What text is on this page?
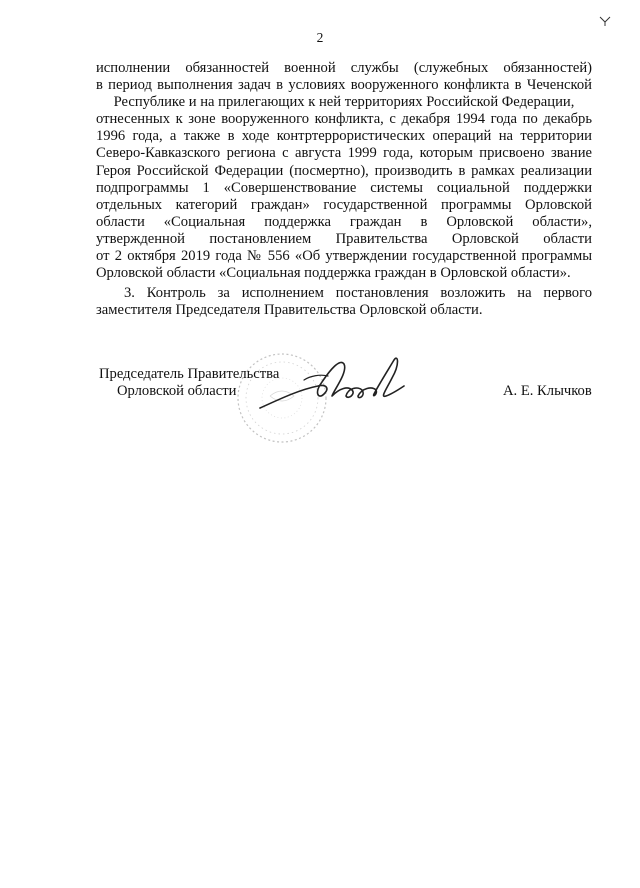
2

исполнении обязанностей военной службы (служебных обязанностей)

в период выполнения задач в условиях вооруженного конфликта в Чеченской

Республике и на прилегающих к ней территориях Российской Федерации,

отнесенных к зоне вооруженного конфликта, с декабря 1994 года по декабрь

1996 года, а также в ходе контртеррористических операций на территории

Северо-Кавказского региона с августа 1999 года, которым присвоено звание

Героя Российской Федерации (посмертно), производить в рамках реализации

подпрограммы 1 «Совершенствование системы социальной поддержки

отдельных категорий граждан» государственной программы Орловской

области «Социальная поддержка граждан в Орловской области»,

утвержденной постановлением Правительства Орловской области

от 2 октября 2019 года № 556 «Об утверждении государственной программы

Орловской области «Социальная поддержка граждан в Орловской области».

3. Контроль за исполнением постановления возложить на первого

заместителя Председателя Правительства Орловской области.

Председатель Правительства
Орловской области	А. Е. Клычков
